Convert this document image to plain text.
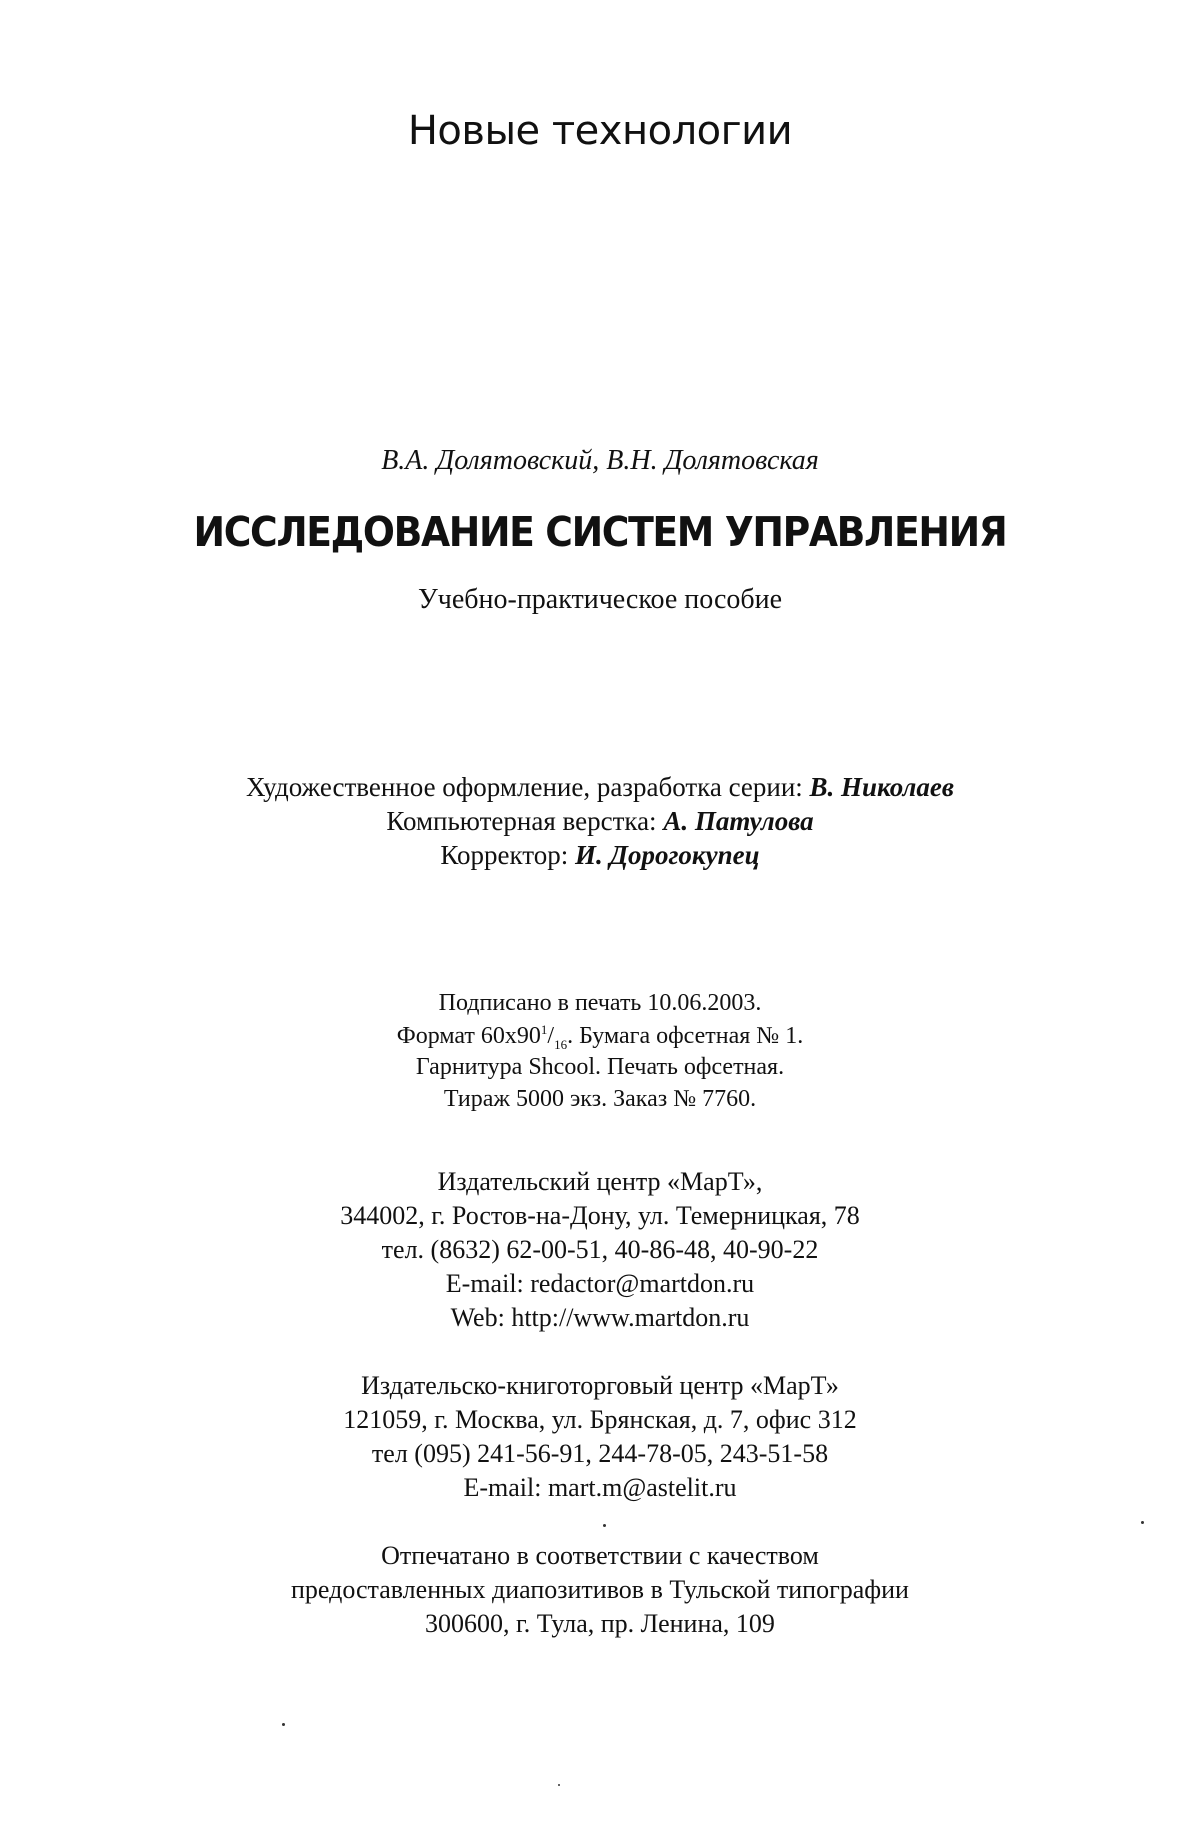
Новые технологии
В.А. Долятовский, В.Н. Долятовская
ИССЛЕДОВАНИЕ СИСТЕМ УПРАВЛЕНИЯ
Учебно-практическое пособие
Художественное оформление, разработка серии: В. Николаев
Компьютерная верстка: А. Патулова
Корректор: И. Дорогокупец
Подписано в печать 10.06.2003.
Формат $60x90^1/_{16}$. Бумага офсетная № 1.
Гарнитура Shcool. Печать офсетная.
Тираж 5000 экз. Заказ № 7760.
Издательский центр «МарТ»,
344002, г. Ростов-на-Дону, ул. Темерницкая, 78
тел. (8632) 62-00-51, 40-86-48, 40-90-22
E-mail: redactor@martdon.ru
Web: http://www.martdon.ru
Издательско-книготорговый центр «МарТ»
121059, г. Москва, ул. Брянская, д. 7, офис 312
тел (095) 241-56-91, 244-78-05, 243-51-58
E-mail: mart.m@astelit.ru
Отпечатано в соответствии с качеством
предоставленных диапозитивов в Тульской типографии
300600, г. Тула, пр. Ленина, 109
